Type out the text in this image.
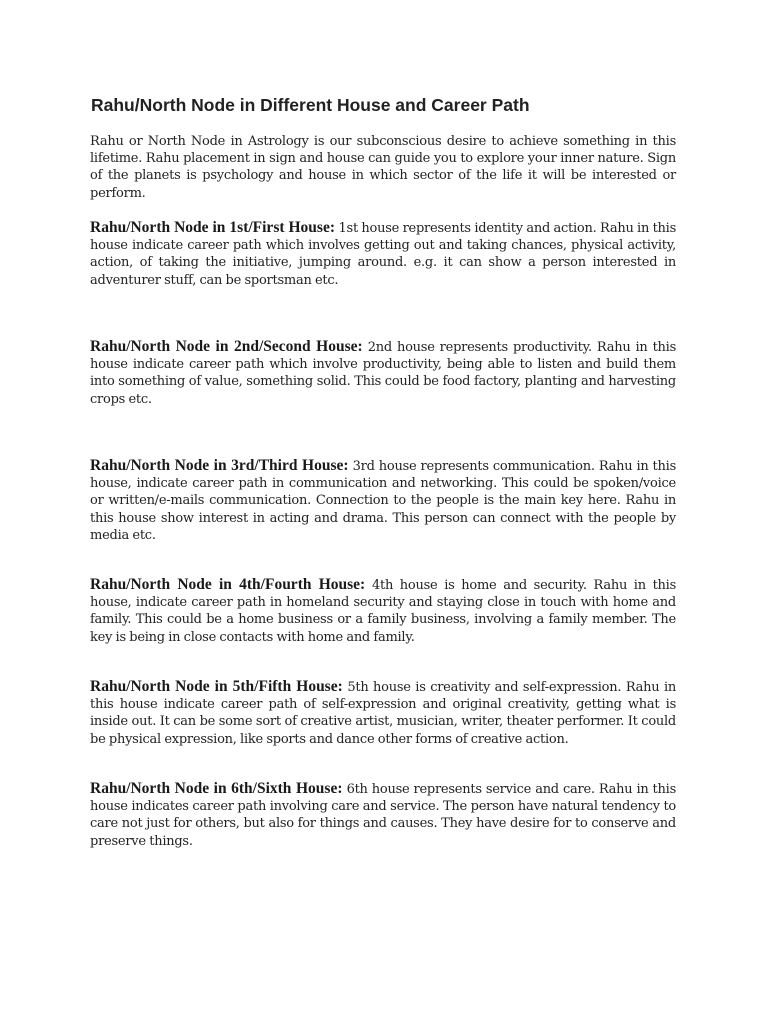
Rahu/North Node in Different House and Career Path

Rahu or North Node in Astrology is our subconscious desire to achieve something in this lifetime. Rahu placement in sign and house can guide you to explore your inner nature. Sign of the planets is psychology and house in which sector of the life it will be interested or perform.

Rahu/North Node in 1st/First House: 1st house represents identity and action. Rahu in this house indicate career path which involves getting out and taking chances, physical activity, action, of taking the initiative, jumping around. e.g. it can show a person interested in adventurer stuff, can be sportsman etc.

Rahu/North Node in 2nd/Second House: 2nd house represents productivity. Rahu in this house indicate career path which involve productivity, being able to listen and build them into something of value, something solid. This could be food factory, planting and harvesting crops etc.

Rahu/North Node in 3rd/Third House: 3rd house represents communication. Rahu in this house, indicate career path in communication and networking. This could be spoken/voice or written/e-mails communication. Connection to the people is the main key here. Rahu in this house show interest in acting and drama. This person can connect with the people by media etc.

Rahu/North Node in 4th/Fourth House: 4th house is home and security. Rahu in this house, indicate career path in homeland security and staying close in touch with home and family. This could be a home business or a family business, involving a family member. The key is being in close contacts with home and family.

Rahu/North Node in 5th/Fifth House: 5th house is creativity and self-expression. Rahu in this house indicate career path of self-expression and original creativity, getting what is inside out. It can be some sort of creative artist, musician, writer, theater performer. It could be physical expression, like sports and dance other forms of creative action.

Rahu/North Node in 6th/Sixth House: 6th house represents service and care. Rahu in this house indicates career path involving care and service. The person have natural tendency to care not just for others, but also for things and causes. They have desire for to conserve and preserve things.
